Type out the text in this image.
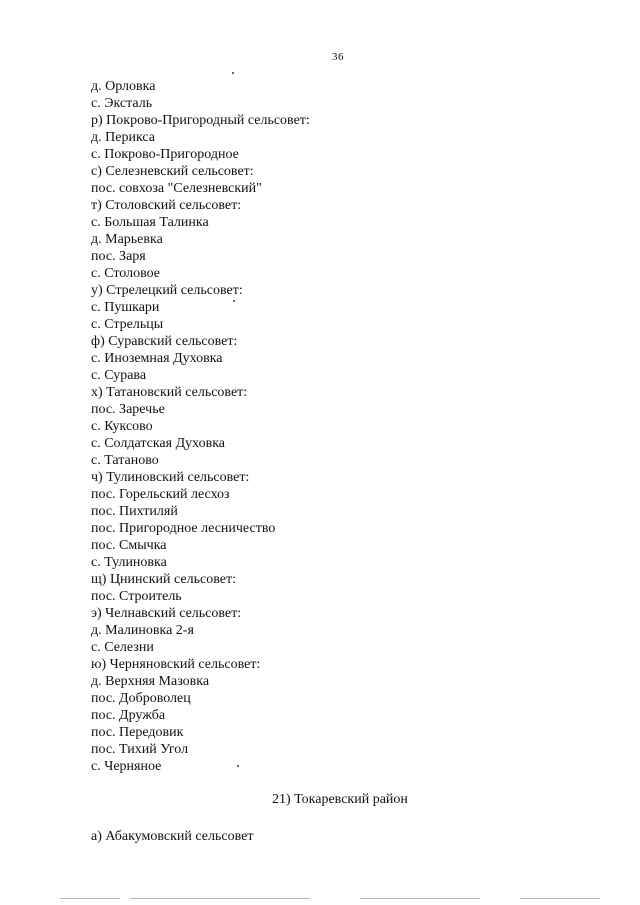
36
д. Орловка
с. Эксталь
р) Покрово-Пригородный сельсовет:
д. Перикса
с. Покрово-Пригородное
с) Селезневский сельсовет:
пос. совхоза "Селезневский"
т) Столовский сельсовет:
с. Большая Талинка
д. Марьевка
пос. Заря
с. Столовое
у) Стрелецкий сельсовет:
с. Пушкари
с. Стрельцы
ф) Суравский сельсовет:
с. Иноземная Духовка
с. Сурава
х) Татановский сельсовет:
пос. Заречье
с. Куксово
с. Солдатская Духовка
с. Татаново
ч) Тулиновский сельсовет:
пос. Горельский лесхоз
пос. Пихтиляй
пос. Пригородное лесничество
пос. Смычка
с. Тулиновка
щ) Цнинский сельсовет:
пос. Строитель
э) Челнавский сельсовет:
д. Малиновка 2-я
с. Селезни
ю) Черняновский сельсовет:
д. Верхняя Мазовка
пос. Доброволец
пос. Дружба
пос. Передовик
пос. Тихий Угол
с. Черняное
21) Токаревский район
а) Абакумовский сельсовет
